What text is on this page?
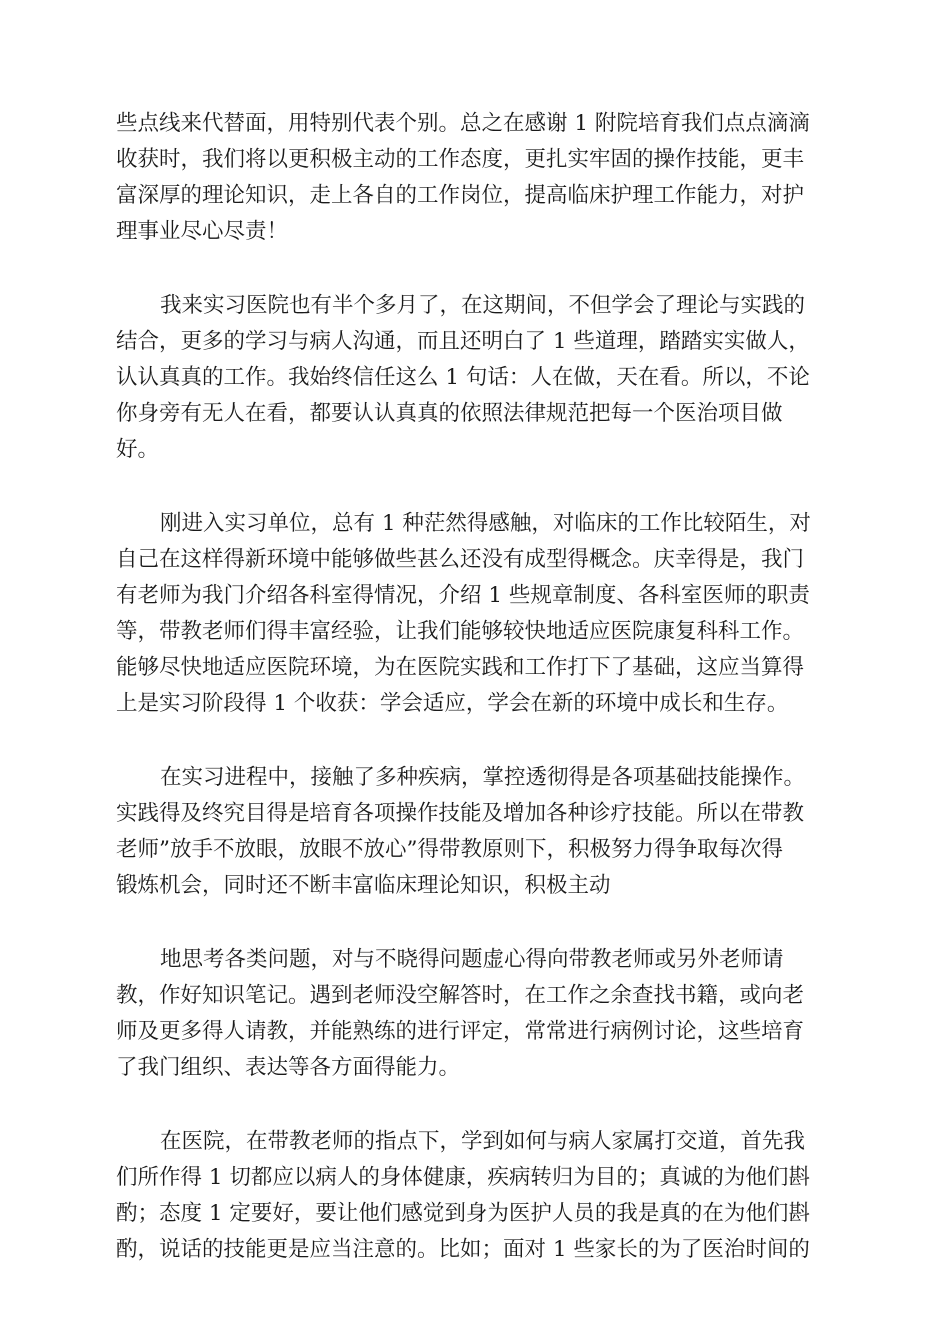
些点线来代替面，用特别代表个别。总之在感谢 1 附院培育我们点点滴滴
收获时，我们将以更积极主动的工作态度，更扎实牢固的操作技能，更丰
富深厚的理论知识，走上各自的工作岗位，提高临床护理工作能力，对护
理事业尽心尽责！
我来实习医院也有半个多月了，在这期间，不但学会了理论与实践的
结合，更多的学习与病人沟通，而且还明白了 1 些道理，踏踏实实做人，
认认真真的工作。我始终信任这么 1 句话：人在做，天在看。所以，不论
你身旁有无人在看，都要认认真真的依照法律规范把每一个医治项目做
好。
刚进入实习单位，总有 1 种茫然得感触，对临床的工作比较陌生，对
自己在这样得新环境中能够做些甚么还没有成型得概念。庆幸得是，我门
有老师为我门介绍各科室得情况，介绍 1 些规章制度、各科室医师的职责
等，带教老师们得丰富经验，让我们能够较快地适应医院康复科科工作。
能够尽快地适应医院环境，为在医院实践和工作打下了基础，这应当算得
上是实习阶段得 1 个收获：学会适应，学会在新的环境中成长和生存。
在实习进程中，接触了多种疾病，掌控透彻得是各项基础技能操作。
实践得及终究目得是培育各项操作技能及增加各种诊疗技能。所以在带教
老师”放手不放眼，放眼不放心”得带教原则下，积极努力得争取每次得
锻炼机会，同时还不断丰富临床理论知识，积极主动
地思考各类问题，对与不晓得问题虚心得向带教老师或另外老师请
教，作好知识笔记。遇到老师没空解答时，在工作之余查找书籍，或向老
师及更多得人请教，并能熟练的进行评定，常常进行病例讨论，这些培育
了我门组织、表达等各方面得能力。
在医院，在带教老师的指点下，学到如何与病人家属打交道，首先我
们所作得 1 切都应以病人的身体健康，疾病转归为目的；真诚的为他们斟
酌；态度 1 定要好，要让他们感觉到身为医护人员的我是真的在为他们斟
酌，说话的技能更是应当注意的。比如；面对 1 些家长的为了医治时间的
